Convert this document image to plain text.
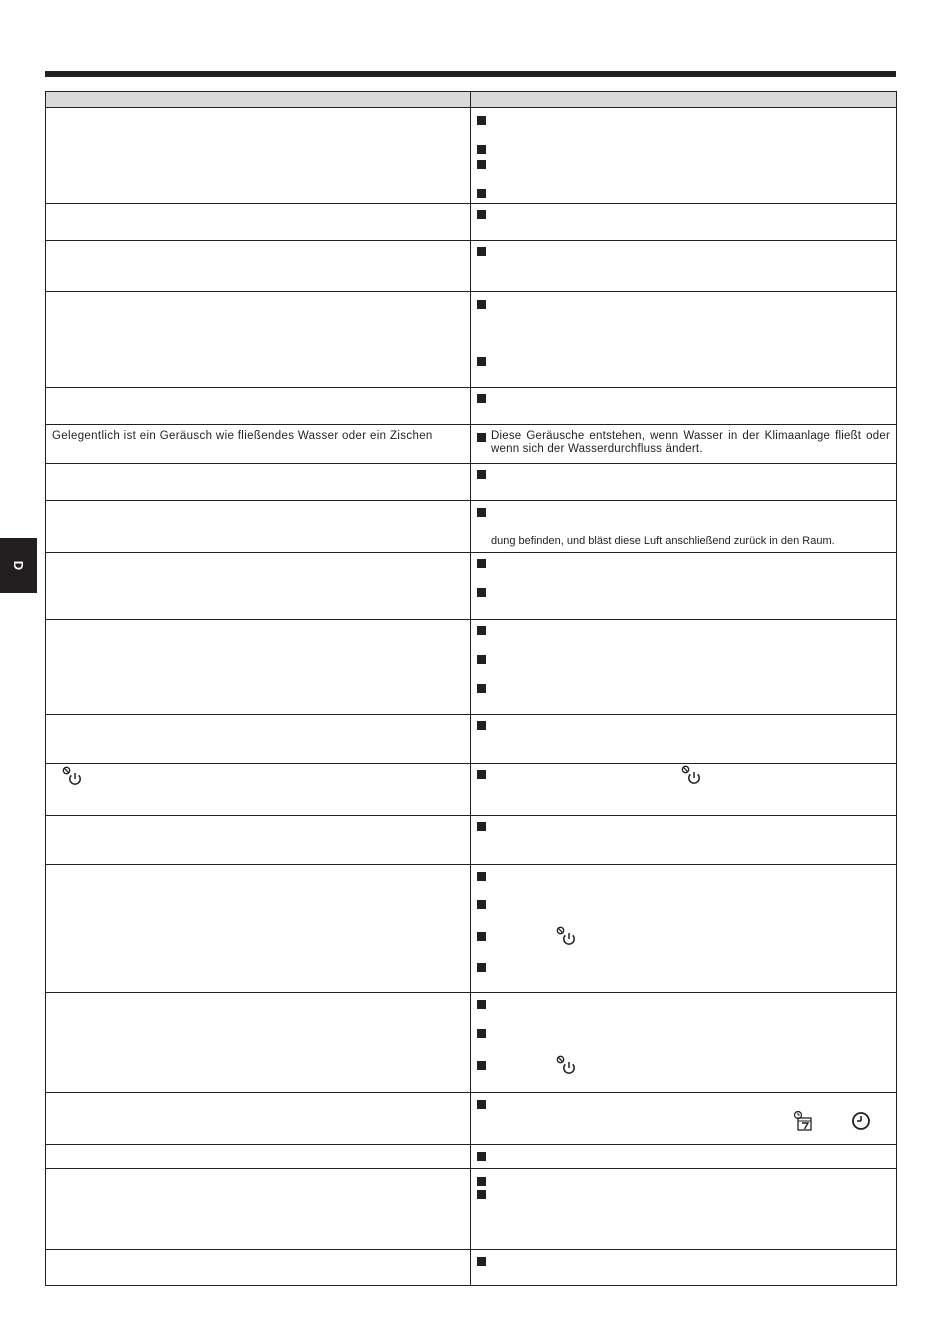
D

Gelegentlich ist ein Geräusch wie fließendes Wasser oder ein Zischen	Diese Geräusche entstehen, wenn Wasser in der Klimaanlage fließt oder wenn sich der Wasserdurchfluss ändert.

	dung befinden, und bläst diese Luft anschließend zurück in den Raum.
